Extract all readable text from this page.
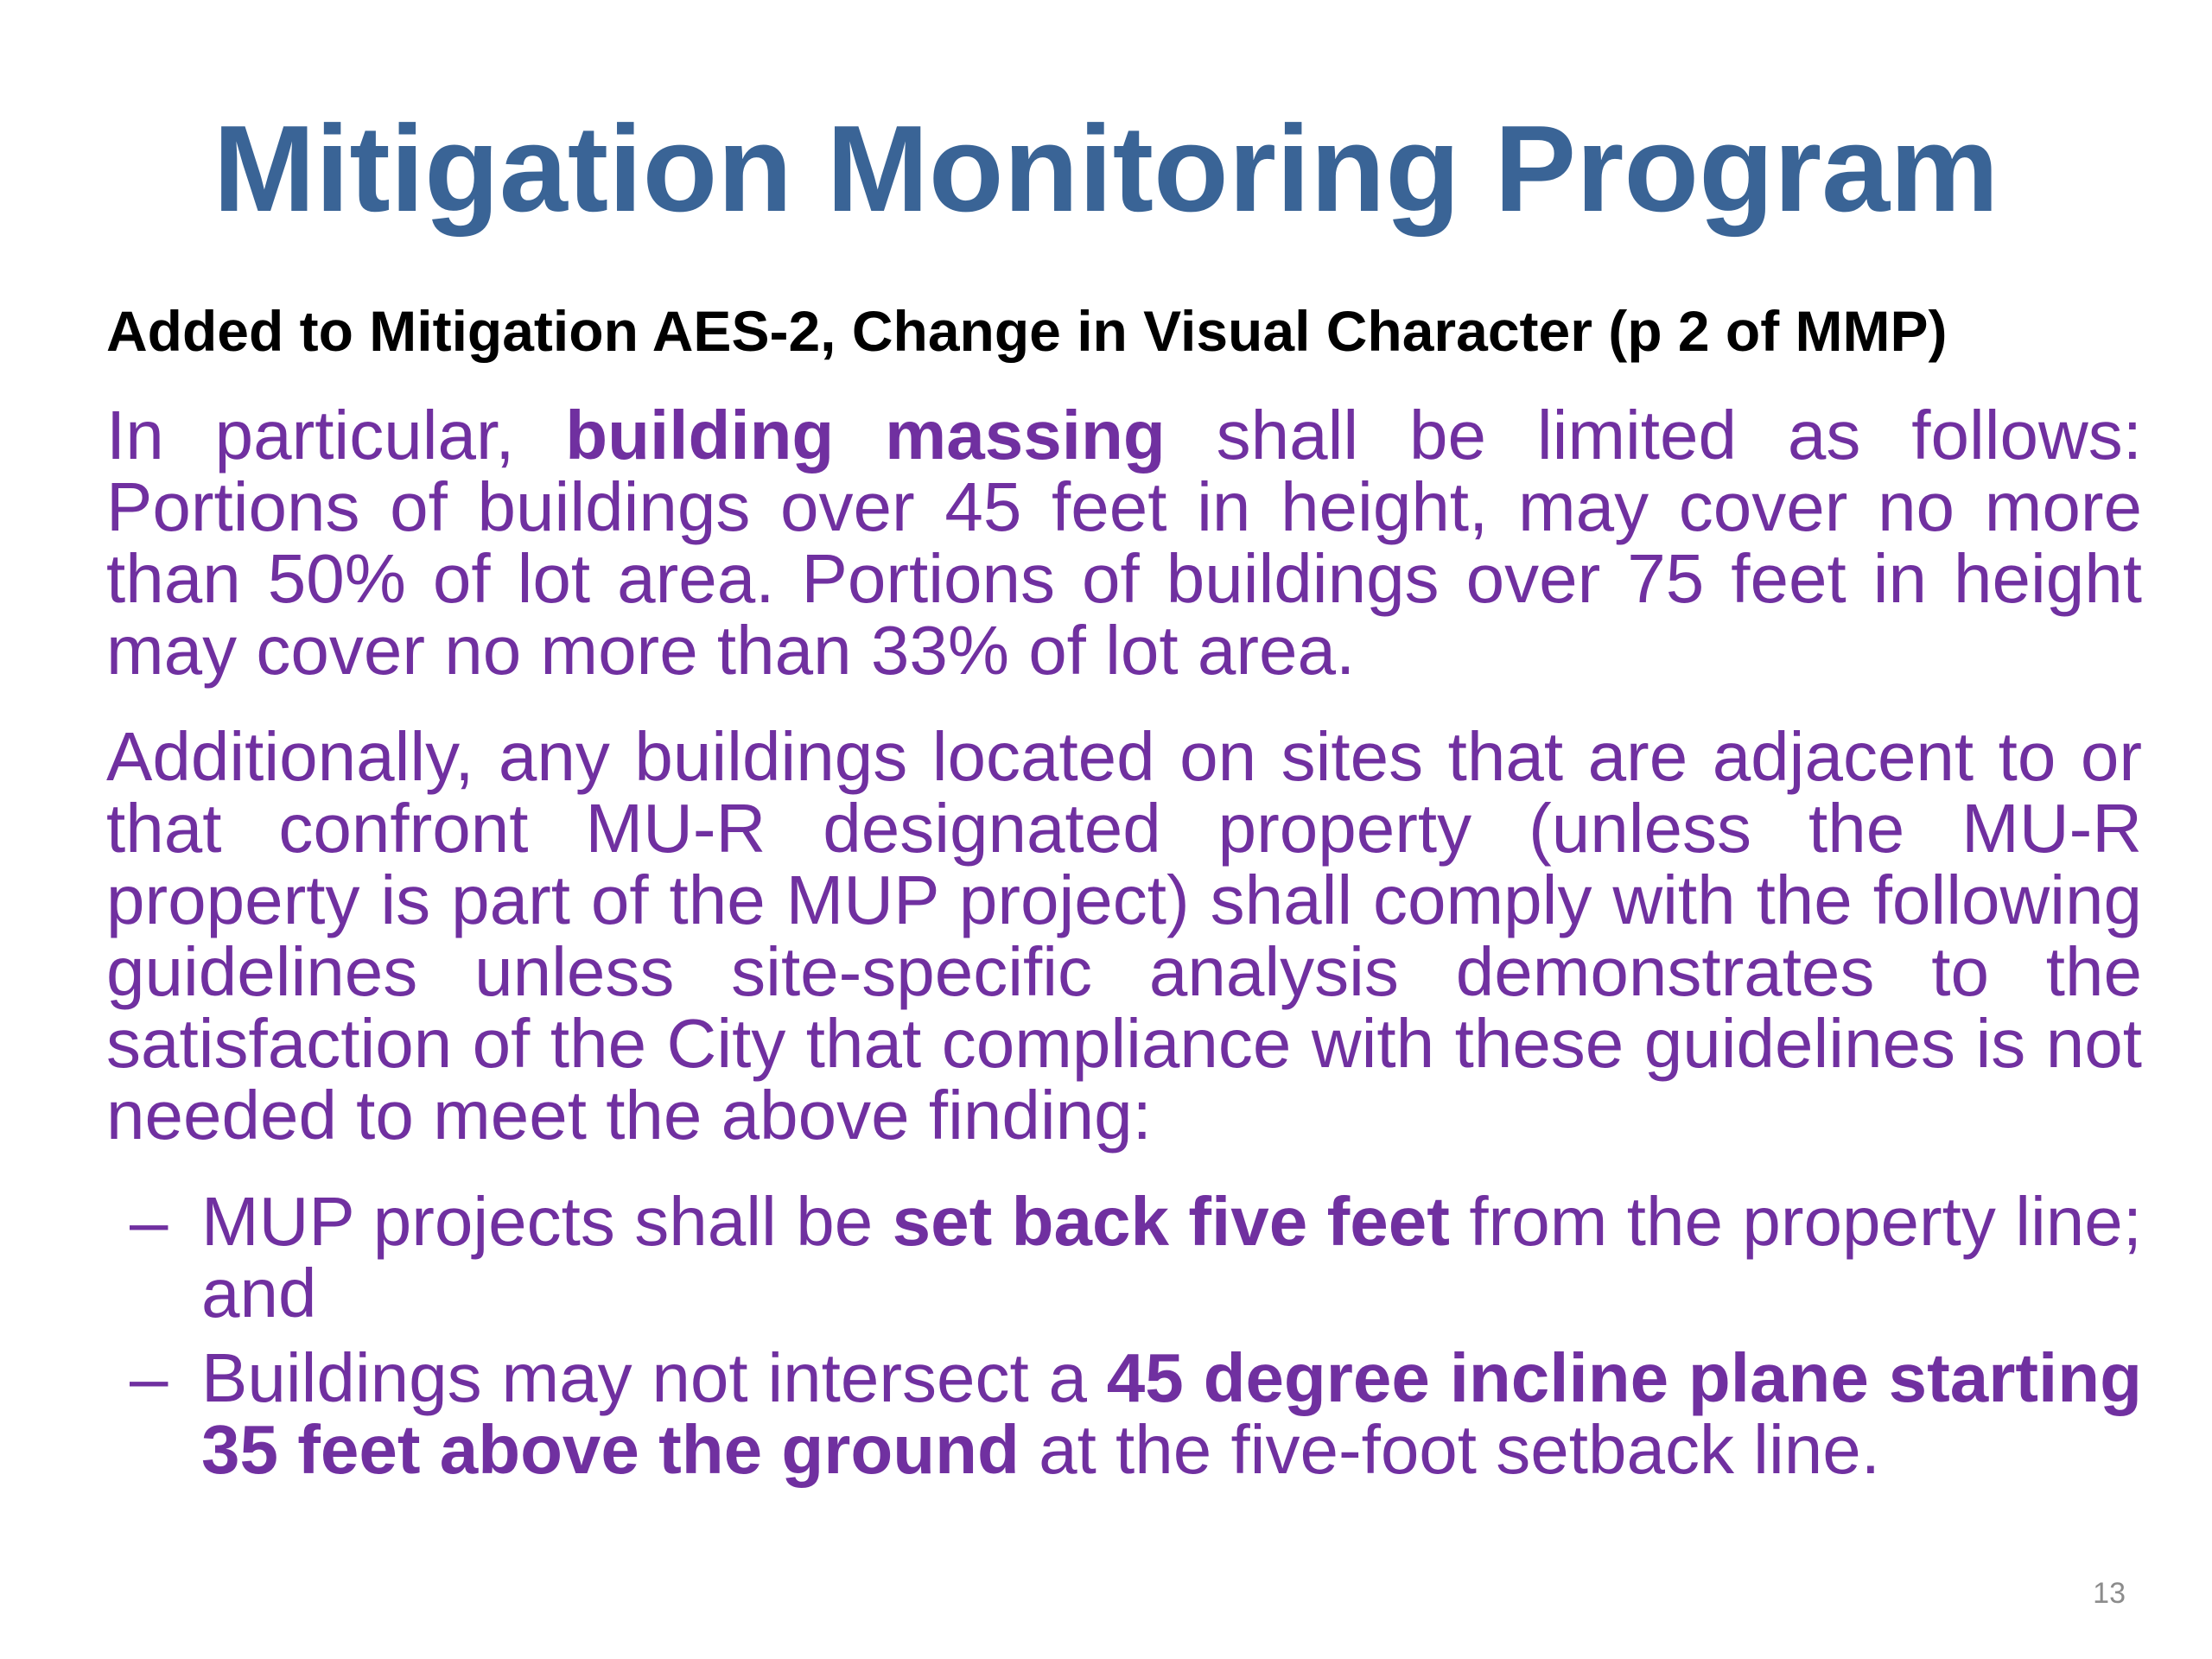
Mitigation Monitoring Program
Added to Mitigation AES-2, Change in Visual Character (p 2 of MMP)
In particular, building massing shall be limited as follows: Portions of buildings over 45 feet in height, may cover no more than 50% of lot area. Portions of buildings over 75 feet in height may cover no more than 33% of lot area.
Additionally, any buildings located on sites that are adjacent to or that confront MU-R designated property (unless the MU-R property is part of the MUP project) shall comply with the following guidelines unless site-specific analysis demonstrates to the satisfaction of the City that compliance with these guidelines is not needed to meet the above finding:
– MUP projects shall be set back five feet from the property line; and
– Buildings may not intersect a 45 degree incline plane starting 35 feet above the ground at the five-foot setback line.
13
